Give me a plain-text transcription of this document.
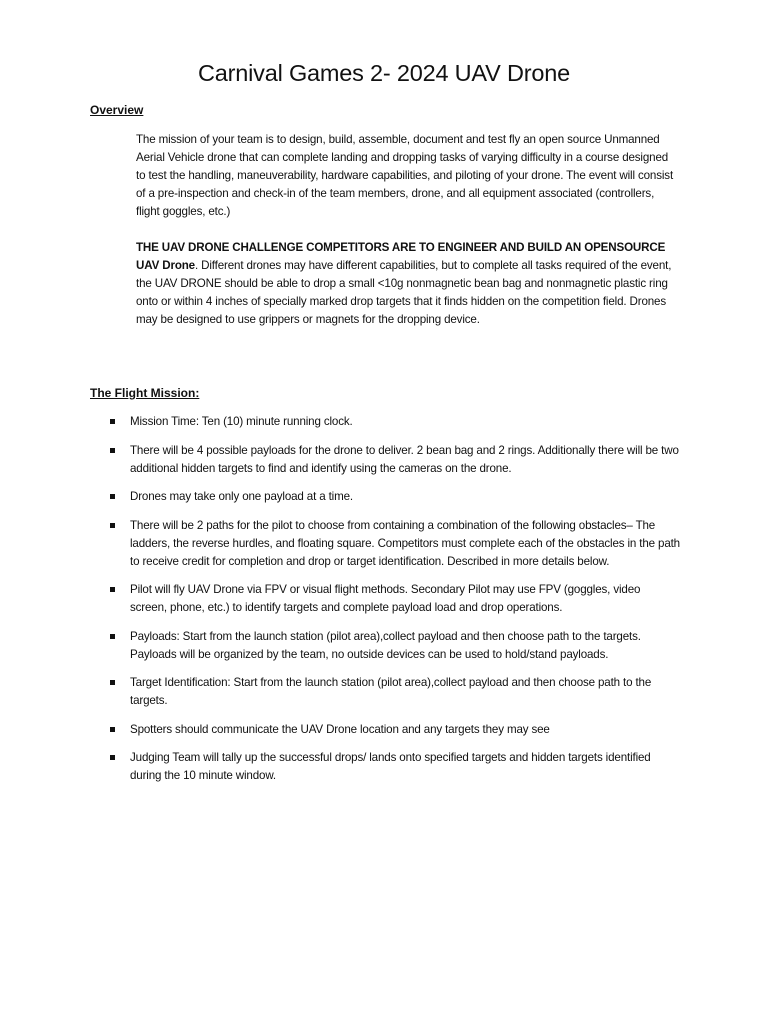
Carnival Games 2- 2024 UAV Drone
Overview

The mission of your team is to design, build, assemble, document and test fly an open source Unmanned Aerial Vehicle drone that can complete landing and dropping tasks of varying difficulty in a course designed to test the handling, maneuverability, hardware capabilities, and piloting of your drone. The event will consist of a pre-inspection and check-in of the team members, drone, and all equipment associated (controllers, flight goggles, etc.)

THE UAV DRONE CHALLENGE COMPETITORS ARE TO ENGINEER AND BUILD AN OPENSOURCE UAV Drone. Different drones may have different capabilities, but to complete all tasks required of the event, the UAV DRONE should be able to drop a small <10g nonmagnetic bean bag and nonmagnetic plastic ring onto or within 4 inches of specially marked drop targets that it finds hidden on the competition field. Drones may be designed to use grippers or magnets for the dropping device.

The Flight Mission:
Mission Time: Ten (10) minute running clock.
There will be 4 possible payloads for the drone to deliver. 2 bean bag and 2 rings. Additionally there will be two additional hidden targets to find and identify using the cameras on the drone.
Drones may take only one payload at a time.
There will be 2 paths for the pilot to choose from containing a combination of the following obstacles– The ladders, the reverse hurdles, and floating square. Competitors must complete each of the obstacles in the path to receive credit for completion and drop or target identification. Described in more details below.
Pilot will fly UAV Drone via FPV or visual flight methods. Secondary Pilot may use FPV (goggles, video screen, phone, etc.) to identify targets and complete payload load and drop operations.
Payloads: Start from the launch station (pilot area),collect payload and then choose path to the targets. Payloads will be organized by the team, no outside devices can be used to hold/stand payloads.
Target Identification: Start from the launch station (pilot area),collect payload and then choose path to the targets.
Spotters should communicate the UAV Drone location and any targets they may see
Judging Team will tally up the successful drops/ lands onto specified targets and hidden targets identified during the 10 minute window.
